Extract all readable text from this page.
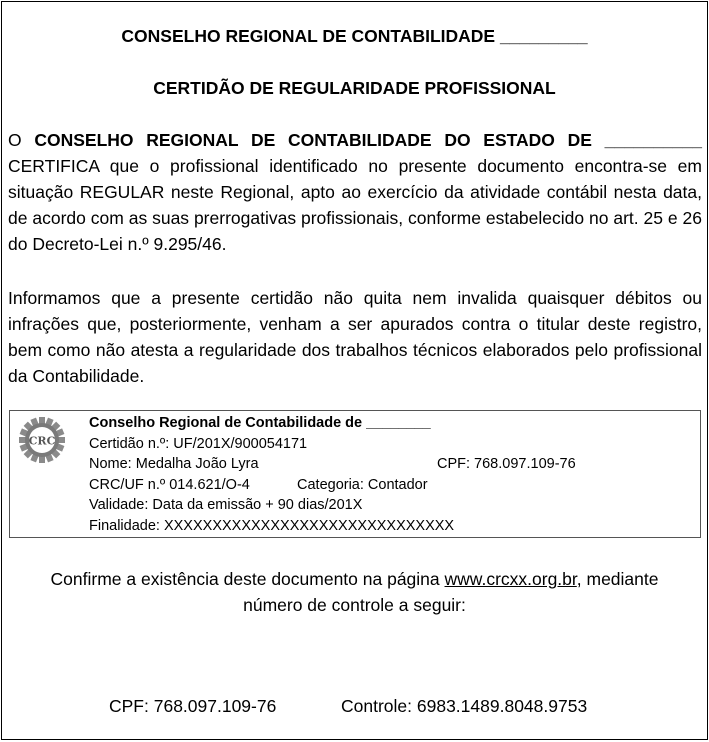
CONSELHO REGIONAL DE CONTABILIDADE _________
CERTIDÃO DE REGULARIDADE PROFISSIONAL

O CONSELHO REGIONAL DE CONTABILIDADE DO ESTADO DE __________ CERTIFICA que o profissional identificado no presente documento encontra-se em situação REGULAR neste Regional, apto ao exercício da atividade contábil nesta data, de acordo com as suas prerrogativas profissionais, conforme estabelecido no art. 25 e 26 do Decreto-Lei n.º 9.295/46.

Informamos que a presente certidão não quita nem invalida quaisquer débitos ou infrações que, posteriormente, venham a ser apurados contra o titular deste registro, bem como não atesta a regularidade dos trabalhos técnicos elaborados pelo profissional da Contabilidade.

CRC
Conselho Regional de Contabilidade de ________
Certidão n.º: UF/201X/900054171
Nome: Medalha João Lyra	CPF: 768.097.109-76
CRC/UF n.º 014.621/O-4	Categoria: Contador
Validade: Data da emissão + 90 dias/201X
Finalidade: XXXXXXXXXXXXXXXXXXXXXXXXXXXXXX
Confirme a existência deste documento na página www.crcxx.org.br, mediante
número de controle a seguir:
CPF: 768.097.109-76	Controle: 6983.1489.8048.9753
